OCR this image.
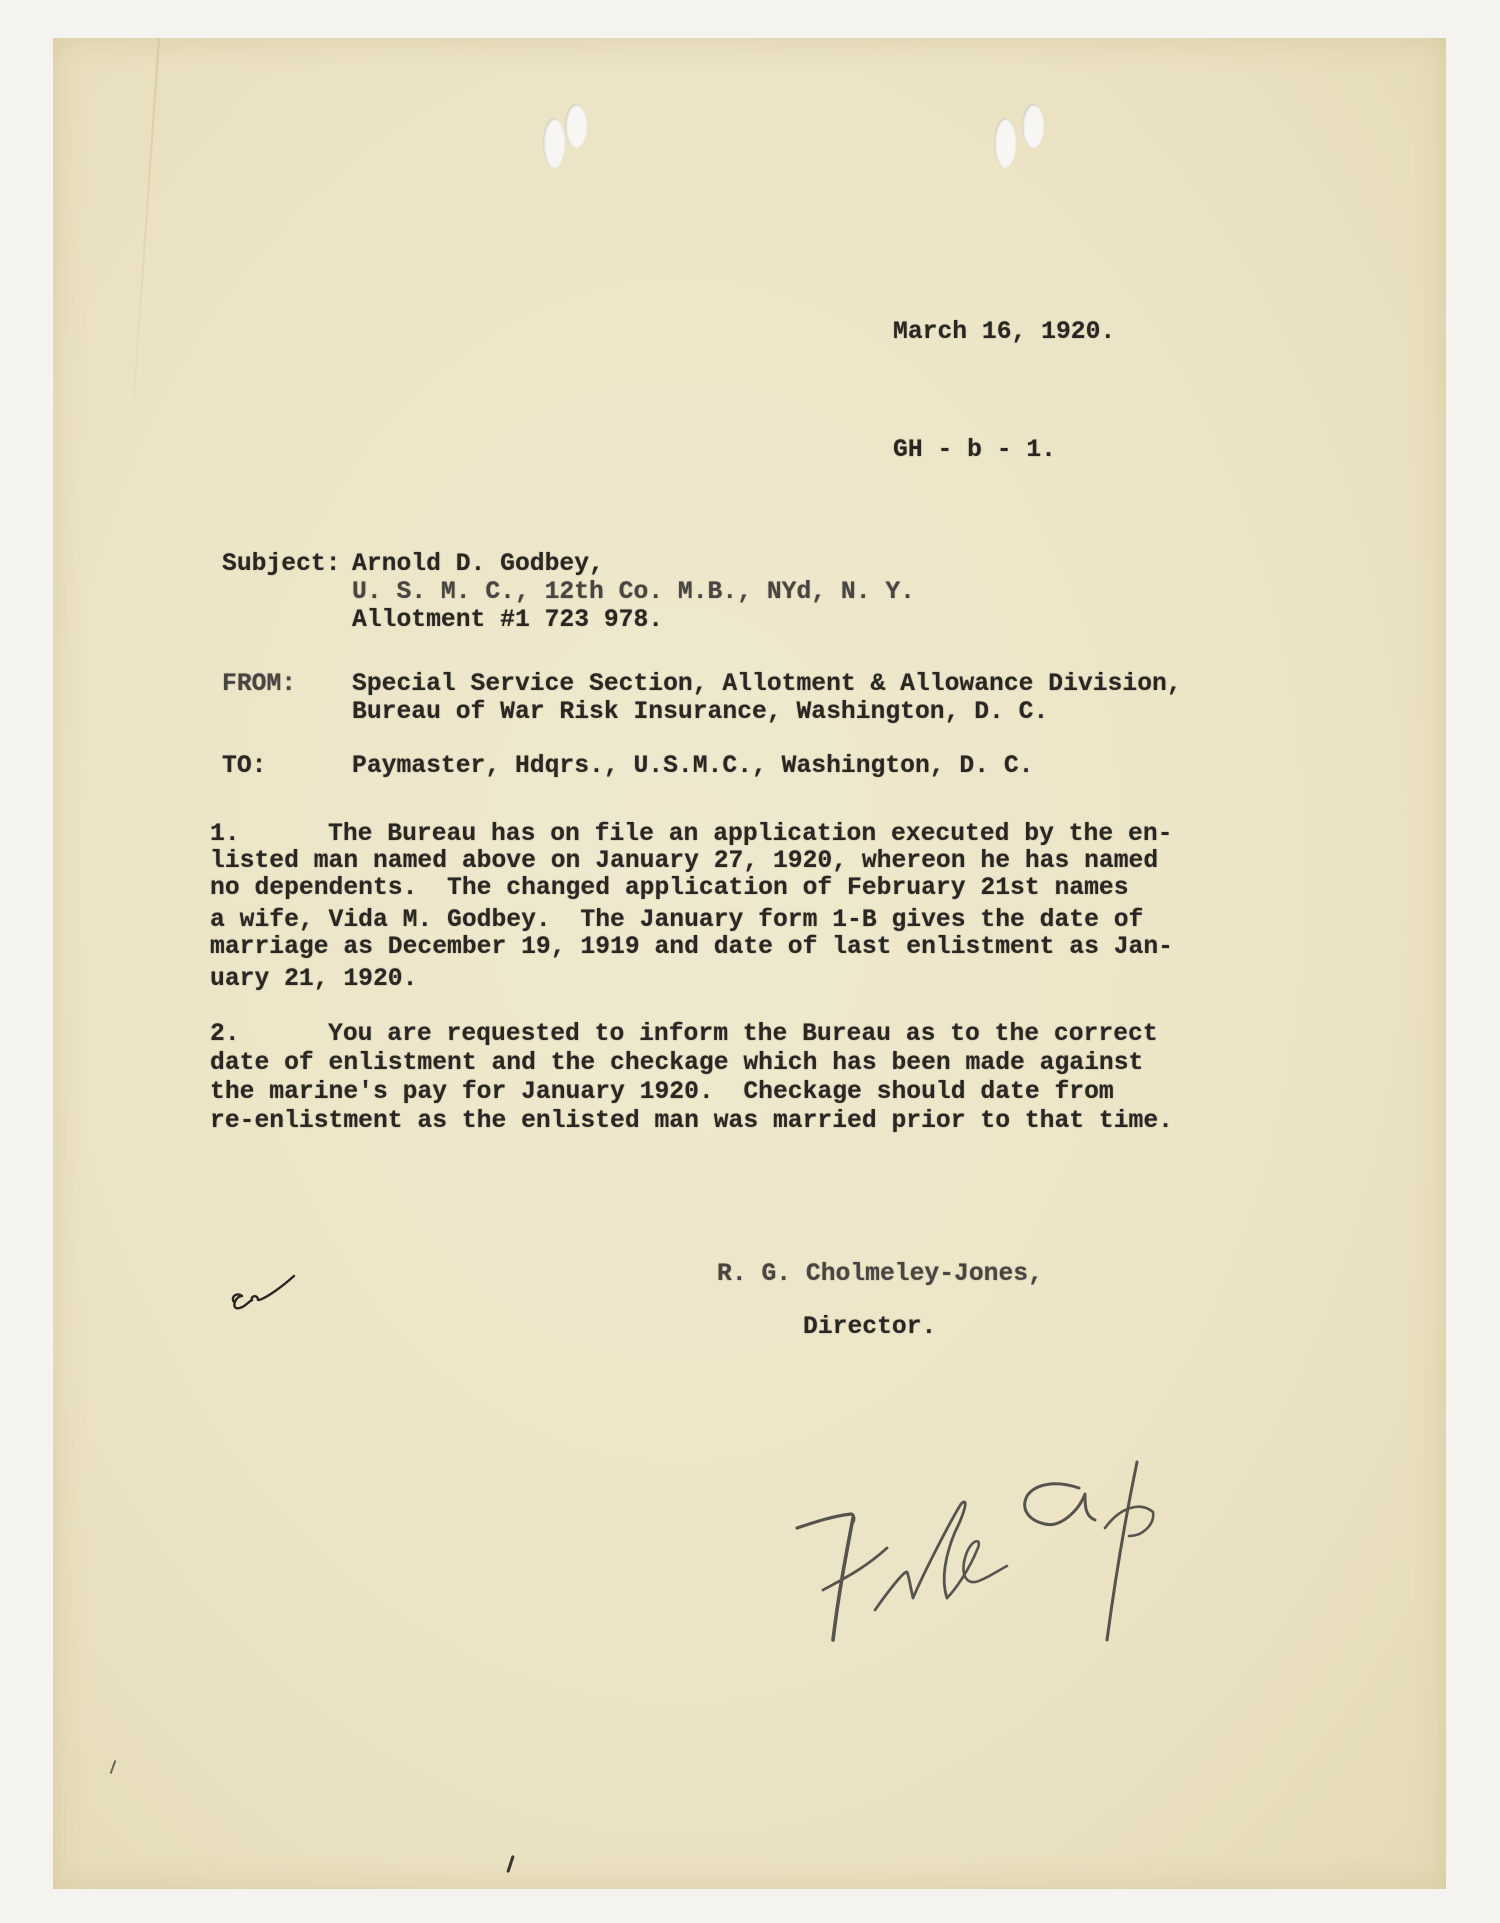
March 16, 1920.
GH - b - 1.
Subject: Arnold D. Godbey,
U. S. M. C., 12th Co. M.B., NYd, N. Y.
Allotment #1 723 978.
FROM: Special Service Section, Allotment & Allowance Division,
Bureau of War Risk Insurance, Washington, D. C.
TO:	Paymaster, Hdqrs., U.S.M.C., Washington, D. C.
1.	The Bureau has on file an application executed by the en-
listed man named above on January 27, 1920, whereon he has named
no dependents.  The changed application of February 21st names
a wife, Vida M. Godbey.  The January form 1-B gives the date of
marriage as December 19, 1919 and date of last enlistment as Jan-
uary 21, 1920.
2.	You are requested to inform the Bureau as to the correct
date of enlistment and the checkage which has been made against
the marine's pay for January 1920.  Checkage should date from
re-enlistment as the enlisted man was married prior to that time.
R. G. Cholmeley-Jones,
Director.
